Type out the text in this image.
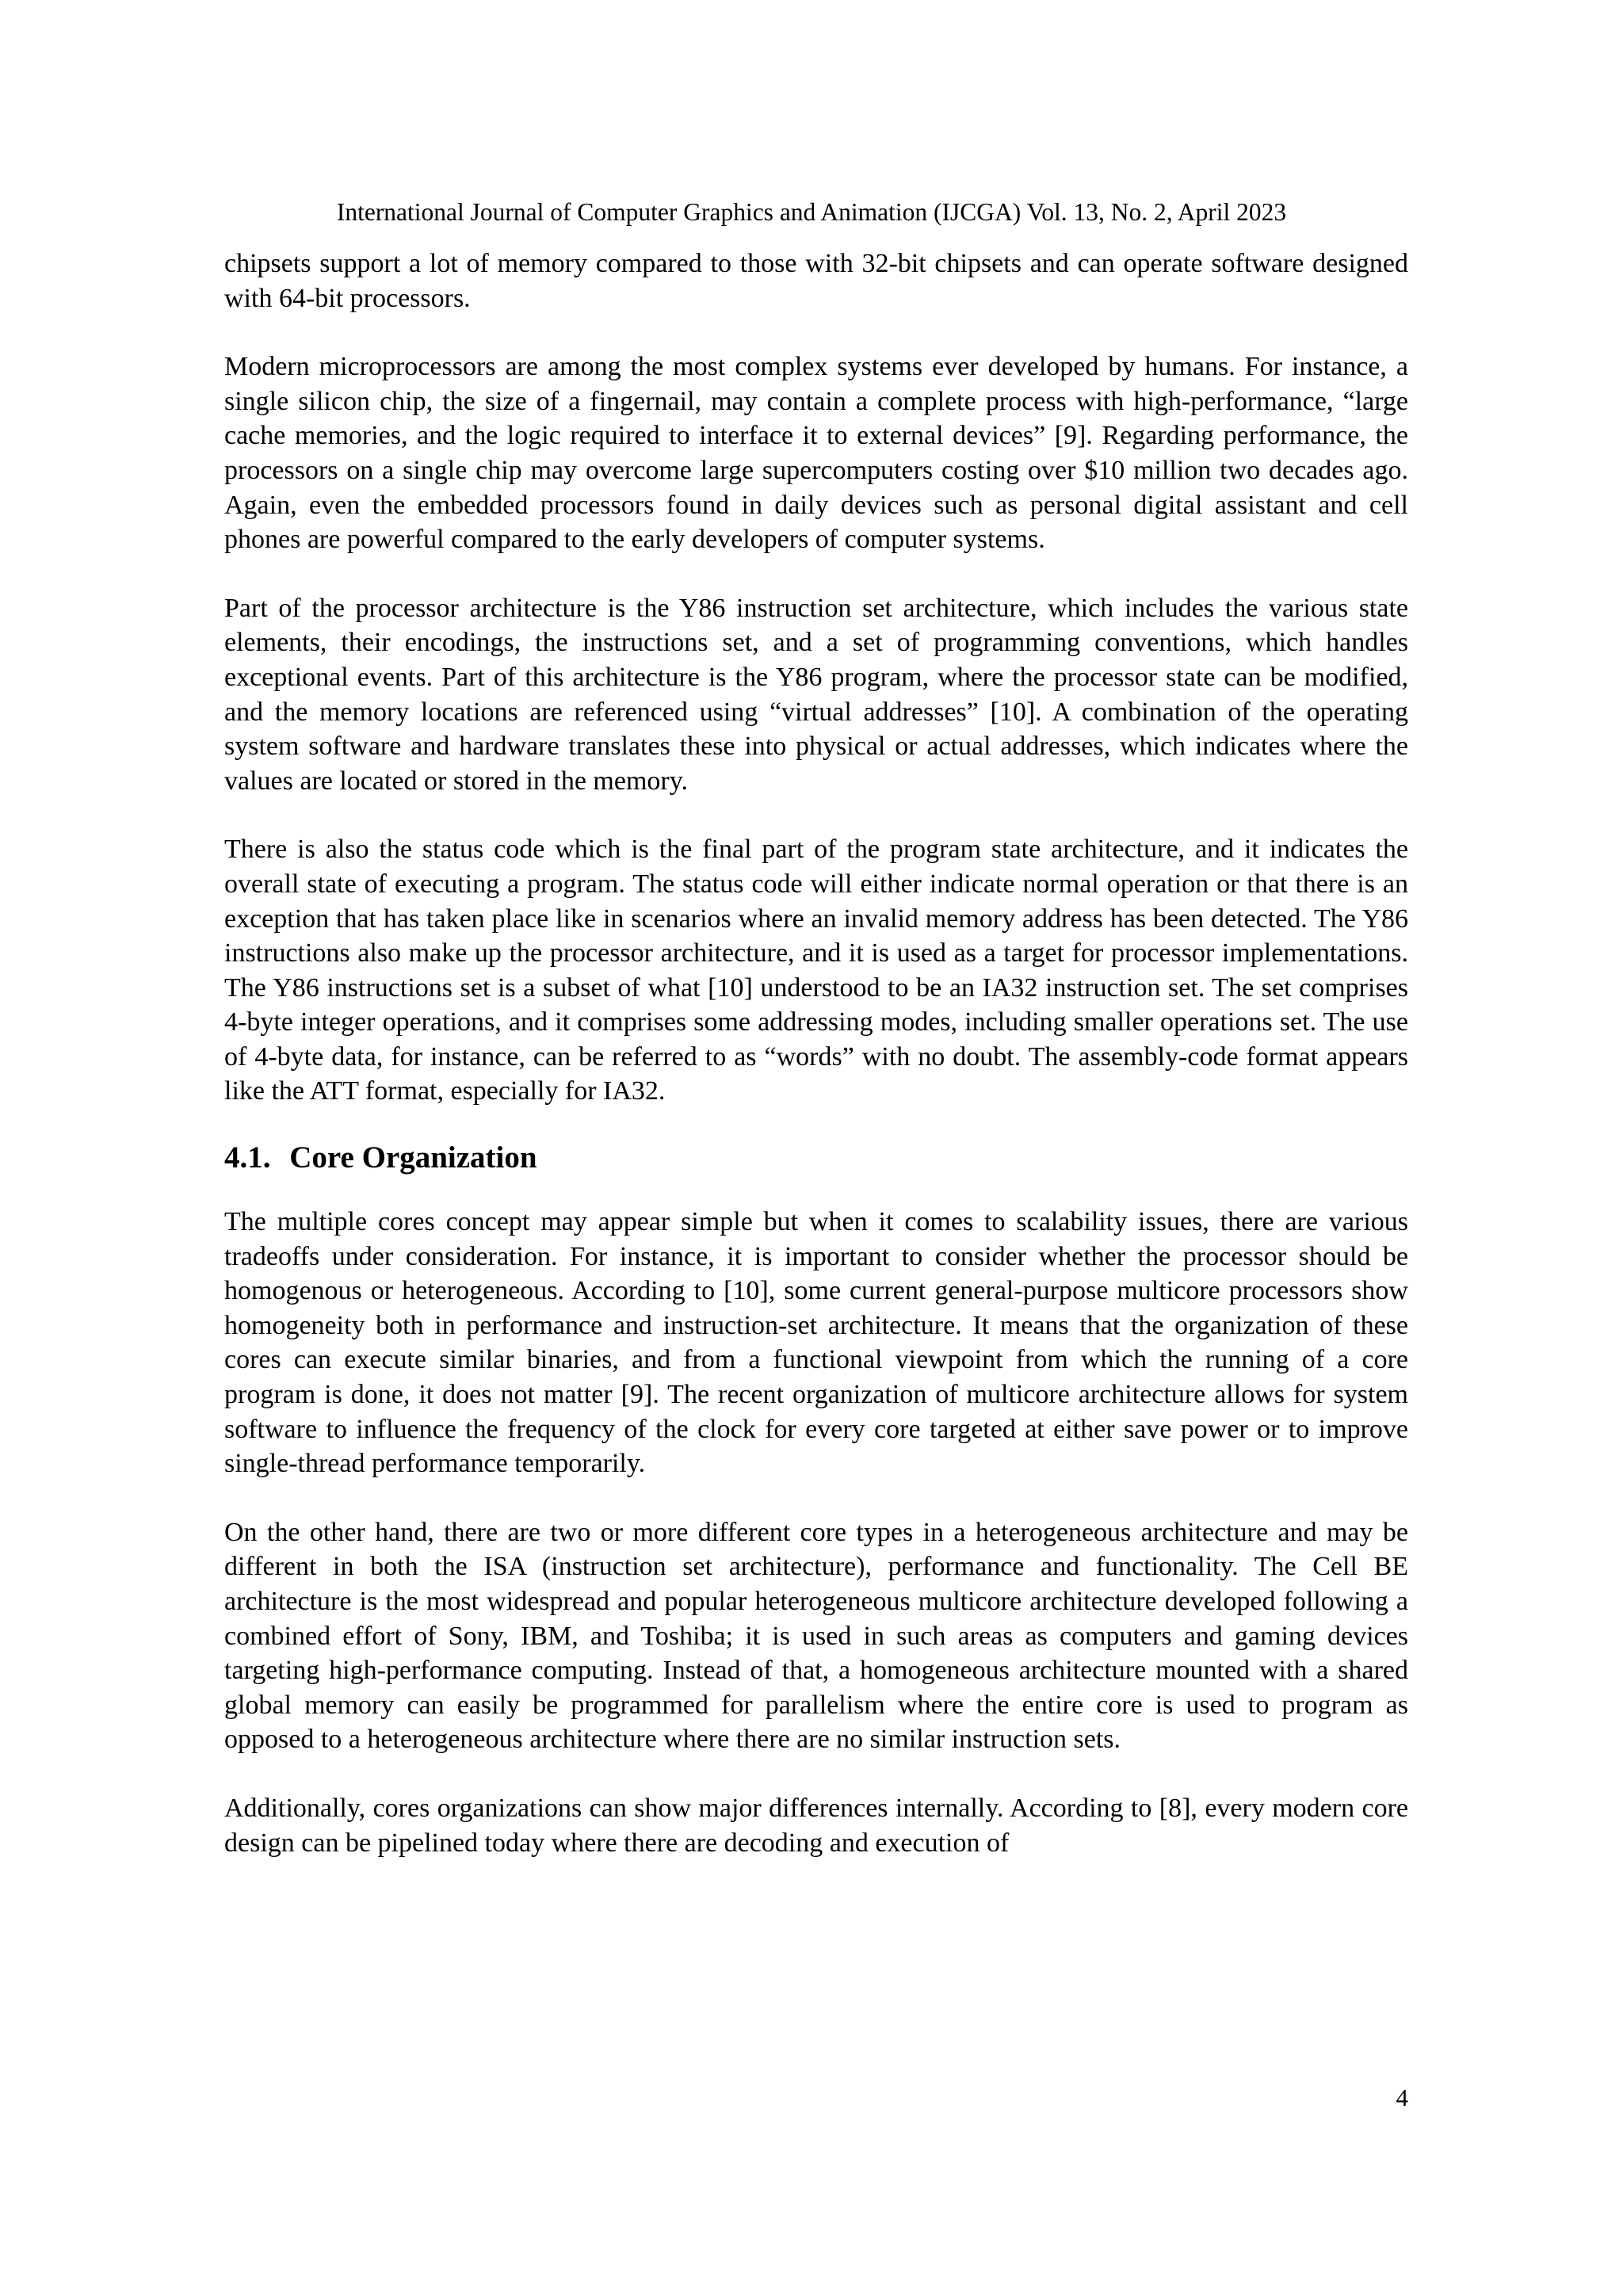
International Journal of Computer Graphics and Animation (IJCGA) Vol. 13, No. 2, April 2023

chipsets support a lot of memory compared to those with 32-bit chipsets and can operate software designed with 64-bit processors.

Modern microprocessors are among the most complex systems ever developed by humans. For instance, a single silicon chip, the size of a fingernail, may contain a complete process with high-performance, “large cache memories, and the logic required to interface it to external devices” [9]. Regarding performance, the processors on a single chip may overcome large supercomputers costing over $10 million two decades ago. Again, even the embedded processors found in daily devices such as personal digital assistant and cell phones are powerful compared to the early developers of computer systems.

Part of the processor architecture is the Y86 instruction set architecture, which includes the various state elements, their encodings, the instructions set, and a set of programming conventions, which handles exceptional events. Part of this architecture is the Y86 program, where the processor state can be modified, and the memory locations are referenced using “virtual addresses” [10]. A combination of the operating system software and hardware translates these into physical or actual addresses, which indicates where the values are located or stored in the memory.

There is also the status code which is the final part of the program state architecture, and it indicates the overall state of executing a program. The status code will either indicate normal operation or that there is an exception that has taken place like in scenarios where an invalid memory address has been detected. The Y86 instructions also make up the processor architecture, and it is used as a target for processor implementations. The Y86 instructions set is a subset of what [10] understood to be an IA32 instruction set. The set comprises 4-byte integer operations, and it comprises some addressing modes, including smaller operations set. The use of 4-byte data, for instance, can be referred to as “words” with no doubt. The assembly-code format appears like the ATT format, especially for IA32.

4.1. Core Organization

The multiple cores concept may appear simple but when it comes to scalability issues, there are various tradeoffs under consideration. For instance, it is important to consider whether the processor should be homogenous or heterogeneous. According to [10], some current general-purpose multicore processors show homogeneity both in performance and instruction-set architecture. It means that the organization of these cores can execute similar binaries, and from a functional viewpoint from which the running of a core program is done, it does not matter [9]. The recent organization of multicore architecture allows for system software to influence the frequency of the clock for every core targeted at either save power or to improve single-thread performance temporarily.

On the other hand, there are two or more different core types in a heterogeneous architecture and may be different in both the ISA (instruction set architecture), performance and functionality. The Cell BE architecture is the most widespread and popular heterogeneous multicore architecture developed following a combined effort of Sony, IBM, and Toshiba; it is used in such areas as computers and gaming devices targeting high-performance computing. Instead of that, a homogeneous architecture mounted with a shared global memory can easily be programmed for parallelism where the entire core is used to program as opposed to a heterogeneous architecture where there are no similar instruction sets.

Additionally, cores organizations can show major differences internally. According to [8], every modern core design can be pipelined today where there are decoding and execution of

4
